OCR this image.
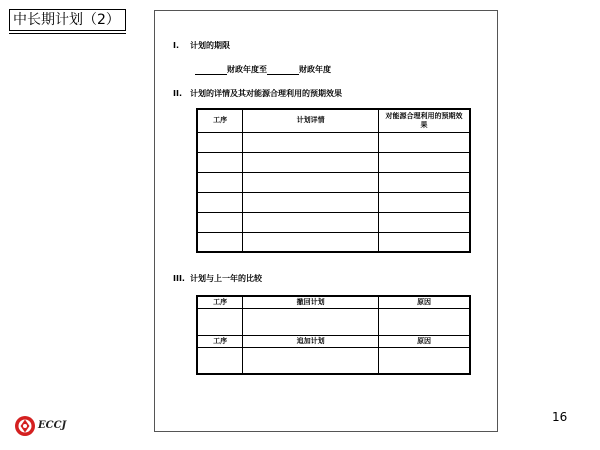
中长期计划（2）
I. 计划的期限
财政年度至	财政年度
II. 计划的详情及其对能源合理利用的预期效果
工序	计划详情	对能源合理利用的预期效果

III. 计划与上一年的比较
工序	撤回计划	原因

工序	追加计划	原因

ECCJ
16
